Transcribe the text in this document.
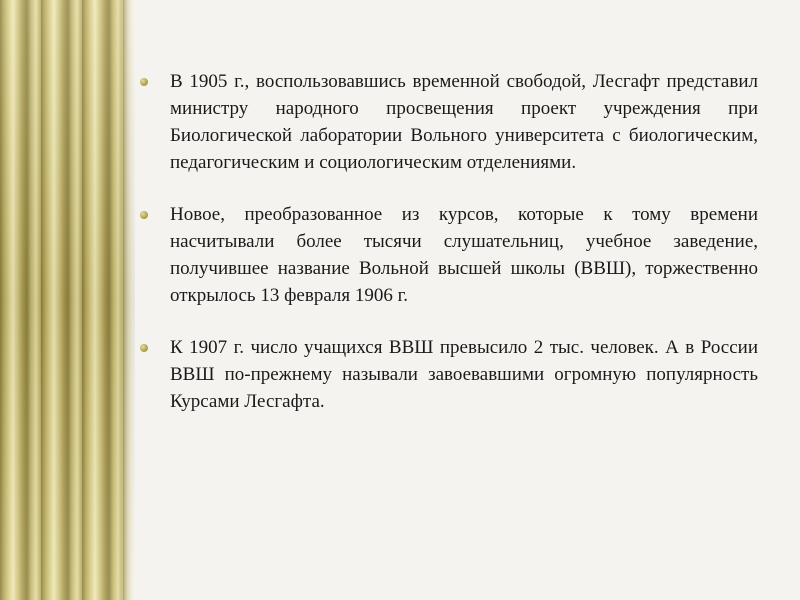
В 1905 г., воспользовавшись временной свободой, Лесгафт представил министру народного просвещения проект учреждения при Биологической лаборатории Вольного университета с биологическим, педагогическим и социологическим отделениями.
Новое, преобразованное из курсов, которые к тому времени насчитывали более тысячи слушательниц, учебное заведение, получившее название Вольной высшей школы (ВВШ), торжественно открылось 13 февраля 1906 г.
К 1907 г. число учащихся ВВШ превысило 2 тыс. человек. А в России ВВШ по-прежнему называли завоевавшими огромную популярность Курсами Лесгафта.
